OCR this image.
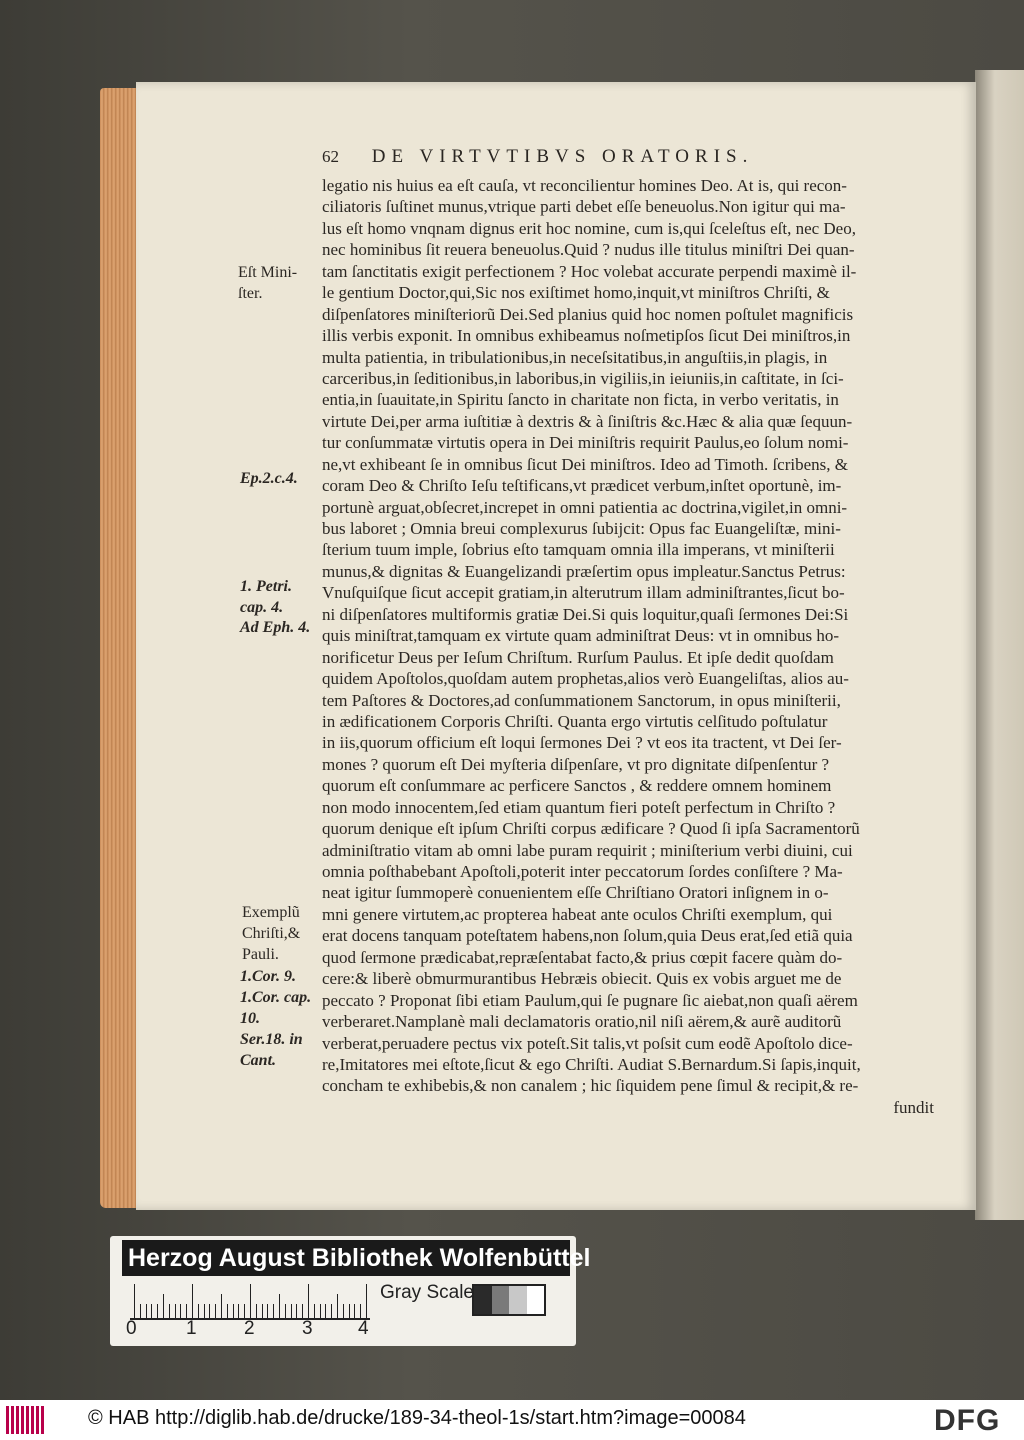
62 DE VIRTVTIBVS ORATORIS.
legatio nis huius ea eſt cauſa, vt reconcilientur homines Deo. At is, qui recon-
ciliatoris ſuſtinet munus,vtrique parti debet eſſe beneuolus.Non igitur qui ma-
lus eſt homo vnqnam dignus erit hoc nomine, cum is,qui ſceleſtus eſt, nec Deo,
nec hominibus ſit reuera beneuolus.Quid ? nudus ille titulus miniſtri Dei quan-
tam ſanctitatis exigit perfectionem ? Hoc volebat accurate perpendi maximè il-
le gentium Doctor,qui,Sic nos exiſtimet homo,inquit,vt miniſtros Chriſti, &
diſpenſatores miniſteriorũ Dei.Sed planius quid hoc nomen poſtulet magnificis
illis verbis exponit. In omnibus exhibeamus noſmetipſos ſicut Dei miniſtros,in
multa patientia, in tribulationibus,in neceſsitatibus,in anguſtiis,in plagis, in
carceribus,in ſeditionibus,in laboribus,in vigiliis,in ieiuniis,in caſtitate, in ſci-
entia,in ſuauitate,in Spiritu ſancto in charitate non ficta, in verbo veritatis, in
virtute Dei,per arma iuſtitiæ à dextris & à ſiniſtris &c.Hæc & alia quæ ſequun-
tur conſummatæ virtutis opera in Dei miniſtris requirit Paulus,eo ſolum nomi-
ne,vt exhibeant ſe in omnibus ſicut Dei miniſtros. Ideo ad Timoth. ſcribens, &
coram Deo & Chriſto Ieſu teſtificans,vt prædicet verbum,inſtet oportunè, im-
portunè arguat,obſecret,increpet in omni patientia ac doctrina,vigilet,in omni-
bus laboret ; Omnia breui complexurus ſubijcit: Opus fac Euangeliſtæ, mini-
ſterium tuum imple, ſobrius eſto tamquam omnia illa imperans, vt miniſterii
munus,& dignitas & Euangelizandi præſertim opus impleatur.Sanctus Petrus:
Vnuſquiſque ſicut accepit gratiam,in alterutrum illam adminiſtrantes,ſicut bo-
ni diſpenſatores multiformis gratiæ Dei.Si quis loquitur,quaſi ſermones Dei:Si
quis miniſtrat,tamquam ex virtute quam adminiſtrat Deus: vt in omnibus ho-
norificetur Deus per Ieſum Chriſtum. Rurſum Paulus. Et ipſe dedit quoſdam
quidem Apoſtolos,quoſdam autem prophetas,alios verò Euangeliſtas, alios au-
tem Paſtores & Doctores,ad conſummationem Sanctorum, in opus miniſterii,
in ædificationem Corporis Chriſti. Quanta ergo virtutis celſitudo poſtulatur
in iis,quorum officium eſt loqui ſermones Dei ? vt eos ita tractent, vt Dei ſer-
mones ? quorum eſt Dei myſteria diſpenſare, vt pro dignitate diſpenſentur ?
quorum eſt conſummare ac perficere Sanctos , & reddere omnem hominem
non modo innocentem,ſed etiam quantum fieri poteſt perfectum in Chriſto ?
quorum denique eſt ipſum Chriſti corpus ædificare ? Quod ſi ipſa Sacramentorũ
adminiſtratio vitam ab omni labe puram requirit ; miniſterium verbi diuini, cui
omnia poſthabebant Apoſtoli,poterit inter peccatorum ſordes conſiſtere ? Ma-
neat igitur ſummoperè conuenientem eſſe Chriſtiano Oratori inſignem in o-
mni genere virtutem,ac propterea habeat ante oculos Chriſti exemplum, qui
erat docens tanquam poteſtatem habens,non ſolum,quia Deus erat,ſed etiã quia
quod ſermone prædicabat,repræſentabat facto,& prius cœpit facere quàm do-
cere:& liberè obmurmurantibus Hebræis obiecit. Quis ex vobis arguet me de
peccato ? Proponat ſibi etiam Paulum,qui ſe pugnare ſic aiebat,non quaſi aërem
verberaret.Namplanè mali declamatoris oratio,nil niſi aërem,& aurẽ auditorũ
verberat,peruadere pectus vix poteſt.Sit talis,vt poſsit cum eodẽ Apoſtolo dice-
re,Imitatores mei eſtote,ſicut & ego Chriſti. Audiat S.Bernardum.Si ſapis,inquit,
concham te exhibebis,& non canalem ; hic ſiquidem pene ſimul & recipit,& re-
fundit
Eſt Mini-
ſter.
Ep.2.c.4.
1. Petri.
cap. 4.
Ad Eph. 4.
Exemplũ
Chriſti,&
Pauli.
1.Cor. 9.
1.Cor. cap.
10.
Ser.18. in
Cant.
Herzog August Bibliothek Wolfenbüttel
0	1 2 3 4
Gray Scale
© HAB http://diglib.hab.de/drucke/189-34-theol-1s/start.htm?image=00084	DFG
